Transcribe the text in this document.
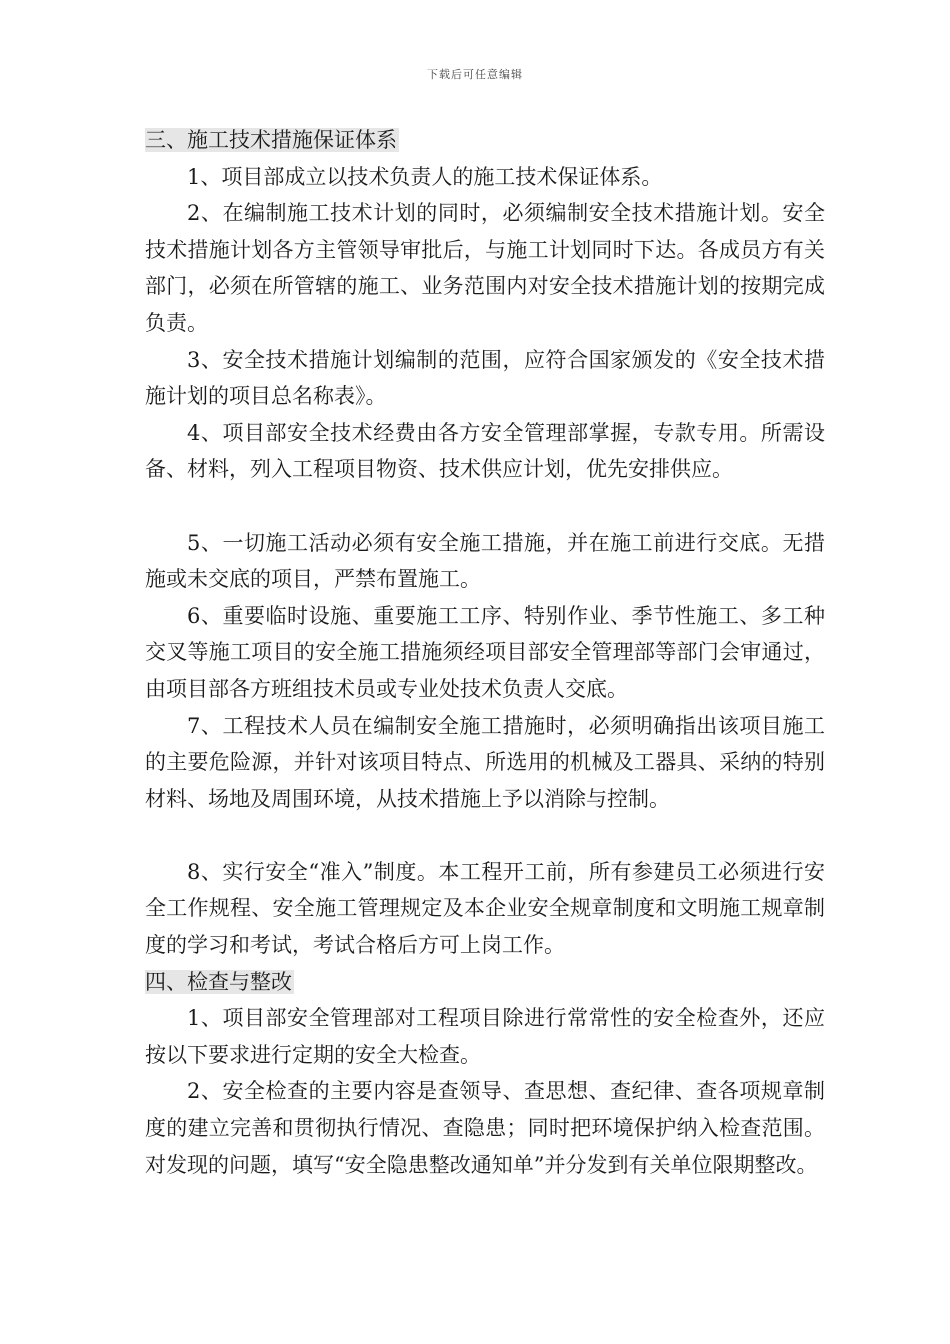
下载后可任意编辑
三、施工技术措施保证体系

1、项目部成立以技术负责人的施工技术保证体系。

2、在编制施工技术计划的同时，必须编制安全技术措施计划。安全技术措施计划各方主管领导审批后，与施工计划同时下达。各成员方有关部门，必须在所管辖的施工、业务范围内对安全技术措施计划的按期完成负责。

3、安全技术措施计划编制的范围，应符合国家颁发的《安全技术措施计划的项目总名称表》。

4、项目部安全技术经费由各方安全管理部掌握，专款专用。所需设备、材料，列入工程项目物资、技术供应计划，优先安排供应。

5、一切施工活动必须有安全施工措施，并在施工前进行交底。无措施或未交底的项目，严禁布置施工。

6、重要临时设施、重要施工工序、特别作业、季节性施工、多工种交叉等施工项目的安全施工措施须经项目部安全管理部等部门会审通过，由项目部各方班组技术员或专业处技术负责人交底。

7、工程技术人员在编制安全施工措施时，必须明确指出该项目施工的主要危险源，并针对该项目特点、所选用的机械及工器具、采纳的特别材料、场地及周围环境，从技术措施上予以消除与控制。

8、实行安全“准入”制度。本工程开工前，所有参建员工必须进行安全工作规程、安全施工管理规定及本企业安全规章制度和文明施工规章制度的学习和考试，考试合格后方可上岗工作。

四、检查与整改

1、项目部安全管理部对工程项目除进行常常性的安全检查外，还应按以下要求进行定期的安全大检查。

2、安全检查的主要内容是查领导、查思想、查纪律、查各项规章制度的建立完善和贯彻执行情况、查隐患；同时把环境保护纳入检查范围。对发现的问题，填写“安全隐患整改通知单”并分发到有关单位限期整改。
